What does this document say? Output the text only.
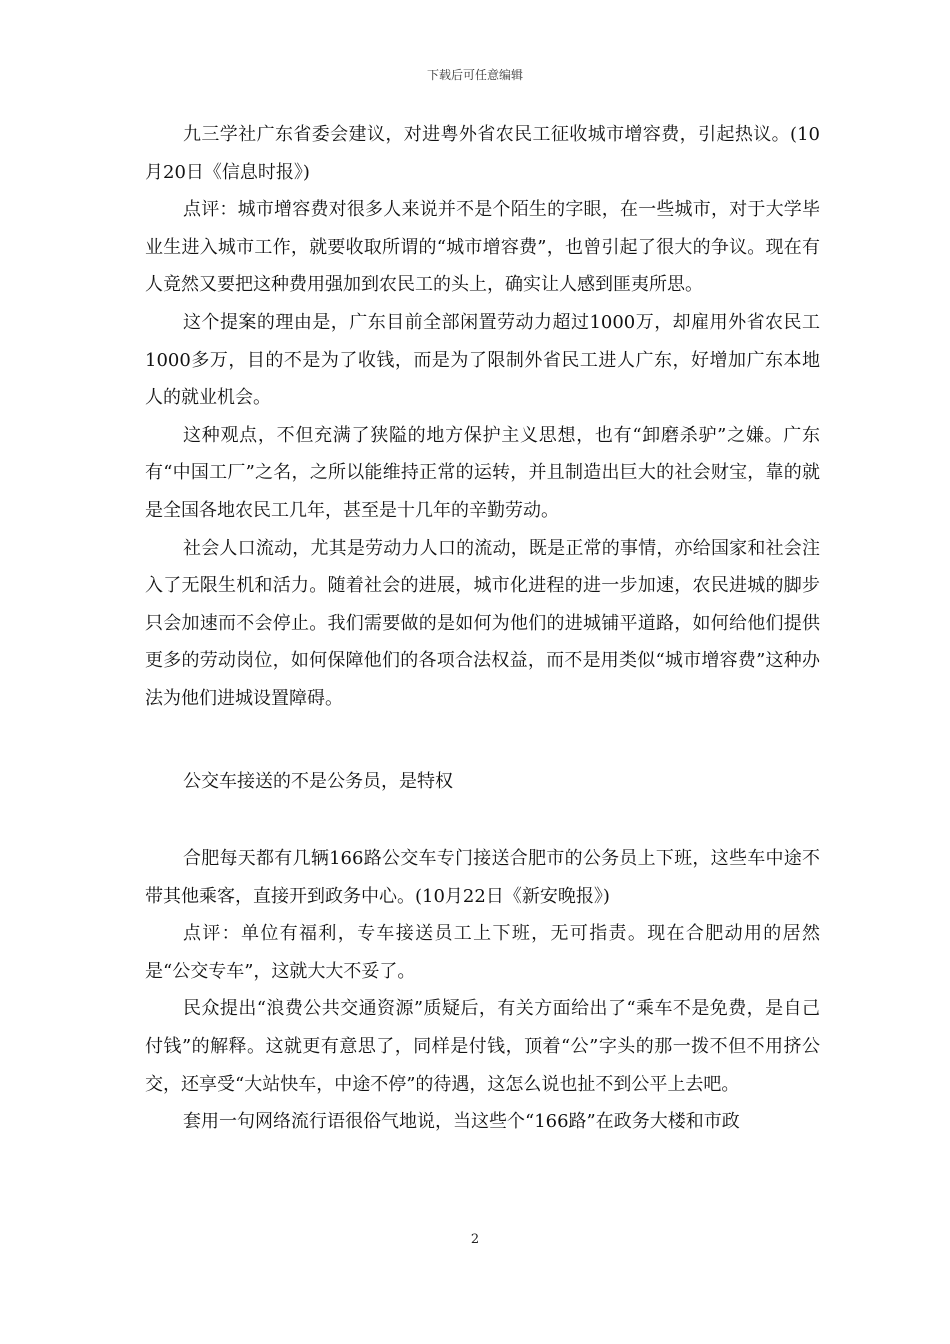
下载后可任意编辑

九三学社广东省委会建议，对进粤外省农民工征收城市增容费，引起热议。(10月20日《信息时报》)

点评：城市增容费对很多人来说并不是个陌生的字眼，在一些城市，对于大学毕业生进入城市工作，就要收取所谓的“城市增容费”，也曾引起了很大的争议。现在有人竟然又要把这种费用强加到农民工的头上，确实让人感到匪夷所思。

这个提案的理由是，广东目前全部闲置劳动力超过1000万，却雇用外省农民工1000多万，目的不是为了收钱，而是为了限制外省民工进人广东，好增加广东本地人的就业机会。

这种观点，不但充满了狭隘的地方保护主义思想，也有“卸磨杀驴”之嫌。广东有“中国工厂”之名，之所以能维持正常的运转，并且制造出巨大的社会财宝，靠的就是全国各地农民工几年，甚至是十几年的辛勤劳动。

社会人口流动，尤其是劳动力人口的流动，既是正常的事情，亦给国家和社会注入了无限生机和活力。随着社会的进展，城市化进程的进一步加速，农民进城的脚步只会加速而不会停止。我们需要做的是如何为他们的进城铺平道路，如何给他们提供更多的劳动岗位，如何保障他们的各项合法权益，而不是用类似“城市增容费”这种办法为他们进城设置障碍。

公交车接送的不是公务员，是特权

合肥每天都有几辆166路公交车专门接送合肥市的公务员上下班，这些车中途不带其他乘客，直接开到政务中心。(10月22日《新安晚报》)

点评：单位有福利，专车接送员工上下班，无可指责。现在合肥动用的居然是“公交专车”，这就大大不妥了。

民众提出“浪费公共交通资源”质疑后，有关方面给出了“乘车不是免费，是自己付钱”的解释。这就更有意思了，同样是付钱，顶着“公”字头的那一拨不但不用挤公交，还享受“大站快车，中途不停”的待遇，这怎么说也扯不到公平上去吧。

套用一句网络流行语很俗气地说，当这些个“166路”在政务大楼和市政

2
